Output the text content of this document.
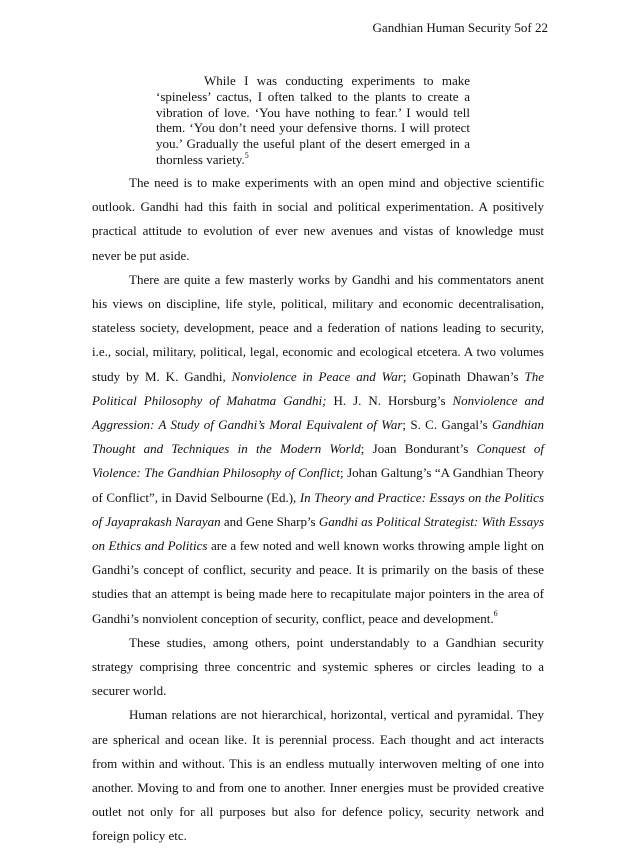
Gandhian Human Security 5of 22
While I was conducting experiments to make ‘spineless’ cactus, I often talked to the plants to create a vibration of love. ‘You have nothing to fear.’ I would tell them. ‘You don’t need your defensive thorns. I will protect you.’ Gradually the useful plant of the desert emerged in a thornless variety.$^5$

The need is to make experiments with an open mind and objective scientific outlook. Gandhi had this faith in social and political experimentation. A positively practical attitude to evolution of ever new avenues and vistas of knowledge must never be put aside.

There are quite a few masterly works by Gandhi and his commentators anent his views on discipline, life style, political, military and economic decentralisation, stateless society, development, peace and a federation of nations leading to security, i.e., social, military, political, legal, economic and ecological etcetera. A two volumes study by M. K. Gandhi, Nonviolence in Peace and War; Gopinath Dhawan’s The Political Philosophy of Mahatma Gandhi; H. J. N. Horsburg’s Nonviolence and Aggression: A Study of Gandhi’s Moral Equivalent of War; S. C. Gangal’s Gandhian Thought and Techniques in the Modern World; Joan Bondurant’s Conquest of Violence: The Gandhian Philosophy of Conflict; Johan Galtung’s “A Gandhian Theory of Conflict”, in David Selbourne (Ed.), In Theory and Practice: Essays on the Politics of Jayaprakash Narayan and Gene Sharp’s Gandhi as Political Strategist: With Essays on Ethics and Politics are a few noted and well known works throwing ample light on Gandhi’s concept of conflict, security and peace. It is primarily on the basis of these studies that an attempt is being made here to recapitulate major pointers in the area of Gandhi’s nonviolent conception of security, conflict, peace and development.$^6$

These studies, among others, point understandably to a Gandhian security strategy comprising three concentric and systemic spheres or circles leading to a securer world.

Human relations are not hierarchical, horizontal, vertical and pyramidal. They are spherical and ocean like. It is perennial process. Each thought and act interacts from within and without. This is an endless mutually interwoven melting of one into another. Moving to and from one to another. Inner energies must be provided creative outlet not only for all purposes but also for defence policy, security network and foreign policy etc.
